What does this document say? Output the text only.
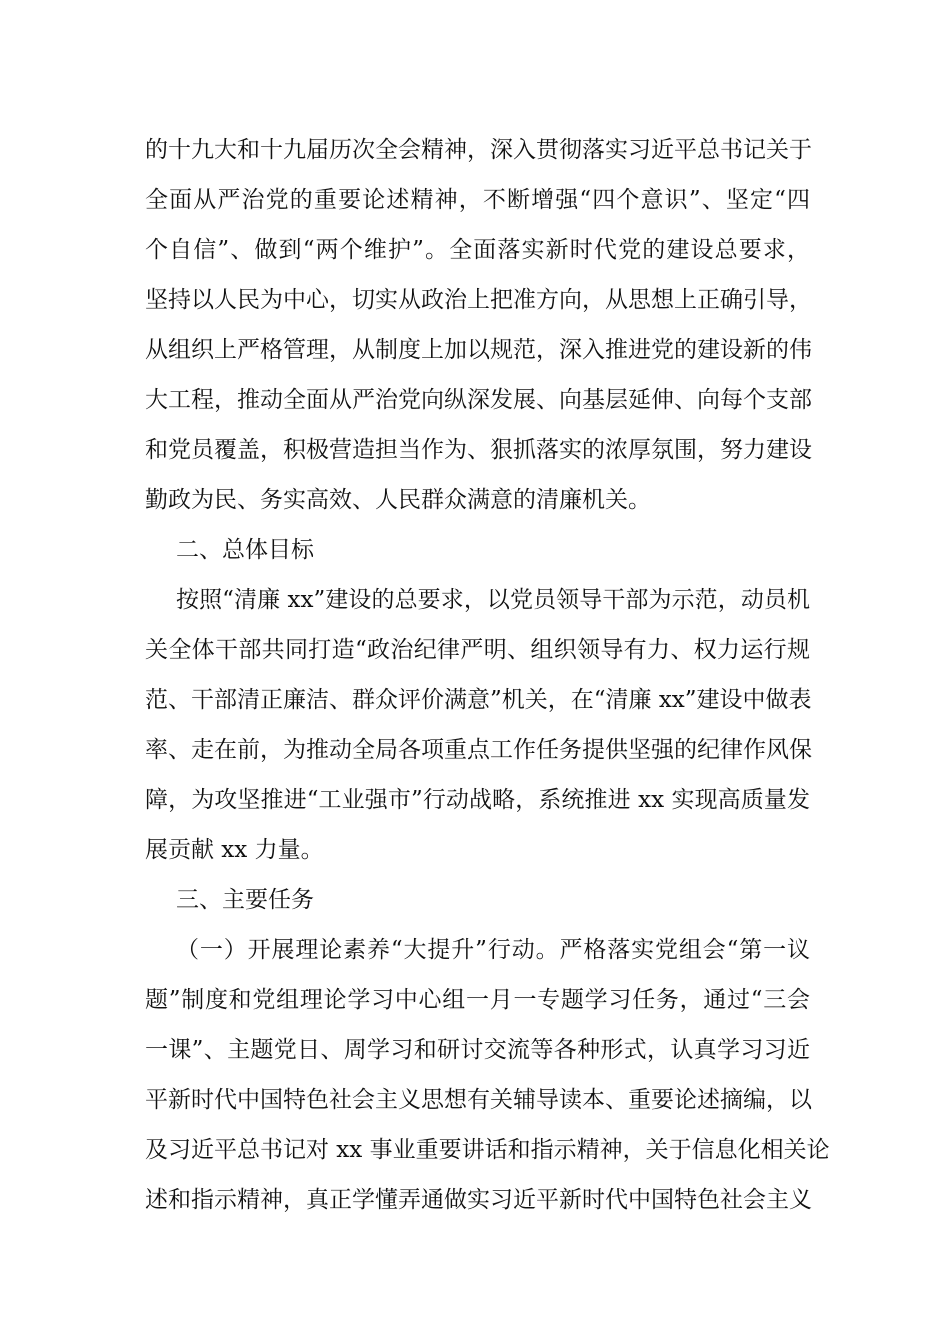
的十九大和十九届历次全会精神，深入贯彻落实习近平总书记关于
全面从严治党的重要论述精神，不断增强“四个意识”、坚定“四
个自信”、做到“两个维护”。全面落实新时代党的建设总要求，
坚持以人民为中心，切实从政治上把准方向，从思想上正确引导，
从组织上严格管理，从制度上加以规范，深入推进党的建设新的伟
大工程，推动全面从严治党向纵深发展、向基层延伸、向每个支部
和党员覆盖，积极营造担当作为、狠抓落实的浓厚氛围，努力建设
勤政为民、务实高效、人民群众满意的清廉机关。
二、总体目标
按照“清廉 xx”建设的总要求，以党员领导干部为示范，动员机
关全体干部共同打造“政治纪律严明、组织领导有力、权力运行规
范、干部清正廉洁、群众评价满意”机关，在“清廉 xx”建设中做表
率、走在前，为推动全局各项重点工作任务提供坚强的纪律作风保
障，为攻坚推进“工业强市”行动战略，系统推进 xx 实现高质量发
展贡献 xx 力量。
三、主要任务
（一）开展理论素养“大提升”行动。严格落实党组会“第一议
题”制度和党组理论学习中心组一月一专题学习任务，通过“三会
一课”、主题党日、周学习和研讨交流等各种形式，认真学习习近
平新时代中国特色社会主义思想有关辅导读本、重要论述摘编，以
及习近平总书记对 xx 事业重要讲话和指示精神，关于信息化相关论
述和指示精神，真正学懂弄通做实习近平新时代中国特色社会主义
